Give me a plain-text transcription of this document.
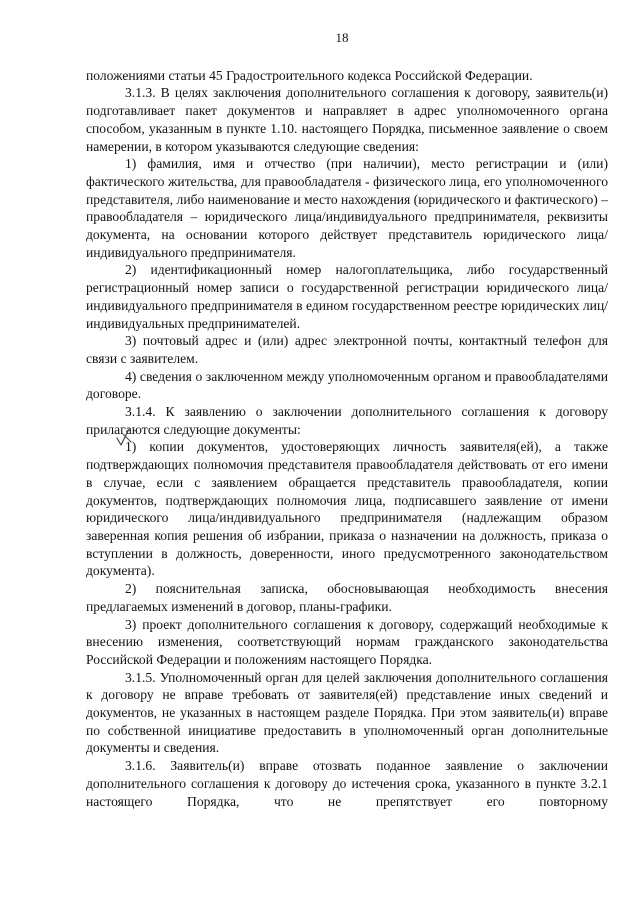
18

положениями статьи 45 Градостроительного кодекса Российской Федерации.

3.1.3. В целях заключения дополнительного соглашения к договору, заявитель(и) подготавливает пакет документов и направляет в адрес уполномоченного органа способом, указанным в пункте 1.10. настоящего Порядка, письменное заявление о своем намерении, в котором указываются следующие сведения:

1) фамилия, имя и отчество (при наличии), место регистрации и (или) фактического жительства, для правообладателя - физического лица, его уполномоченного представителя, либо наименование и место нахождения (юридического и фактического) – правообладателя – юридического лица/индивидуального предпринимателя, реквизиты документа, на основании которого действует представитель юридического лица/индивидуального предпринимателя.

2) идентификационный номер налогоплательщика, либо государственный регистрационный номер записи о государственной регистрации юридического лица/индивидуального предпринимателя в едином государственном реестре юридических лиц/индивидуальных предпринимателей.

3) почтовый адрес и (или) адрес электронной почты, контактный телефон для связи с заявителем.

4) сведения о заключенном между уполномоченным органом и правообладателями договоре.

3.1.4. К заявлению о заключении дополнительного соглашения к договору прилагаются следующие документы:

1) копии документов, удостоверяющих личность заявителя(ей), а также подтверждающих полномочия представителя правообладателя действовать от его имени в случае, если с заявлением обращается представитель правообладателя, копии документов, подтверждающих полномочия лица, подписавшего заявление от имени юридического лица/индивидуального предпринимателя (надлежащим образом заверенная копия решения об избрании, приказа о назначении на должность, приказа о вступлении в должность, доверенности, иного предусмотренного законодательством документа).

2) пояснительная записка, обосновывающая необходимость внесения предлагаемых изменений в договор, планы-графики.

3) проект дополнительного соглашения к договору, содержащий необходимые к внесению изменения, соответствующий нормам гражданского законодательства Российской Федерации и положениям настоящего Порядка.

3.1.5. Уполномоченный орган для целей заключения дополнительного соглашения к договору не вправе требовать от заявителя(ей) представление иных сведений и документов, не указанных в настоящем разделе Порядка. При этом заявитель(и) вправе по собственной инициативе предоставить в уполномоченный орган дополнительные документы и сведения.

3.1.6. Заявитель(и) вправе отозвать поданное заявление о заключении дополнительного соглашения к договору до истечения срока, указанного в пункте 3.2.1 настоящего Порядка, что не препятствует его повторному
